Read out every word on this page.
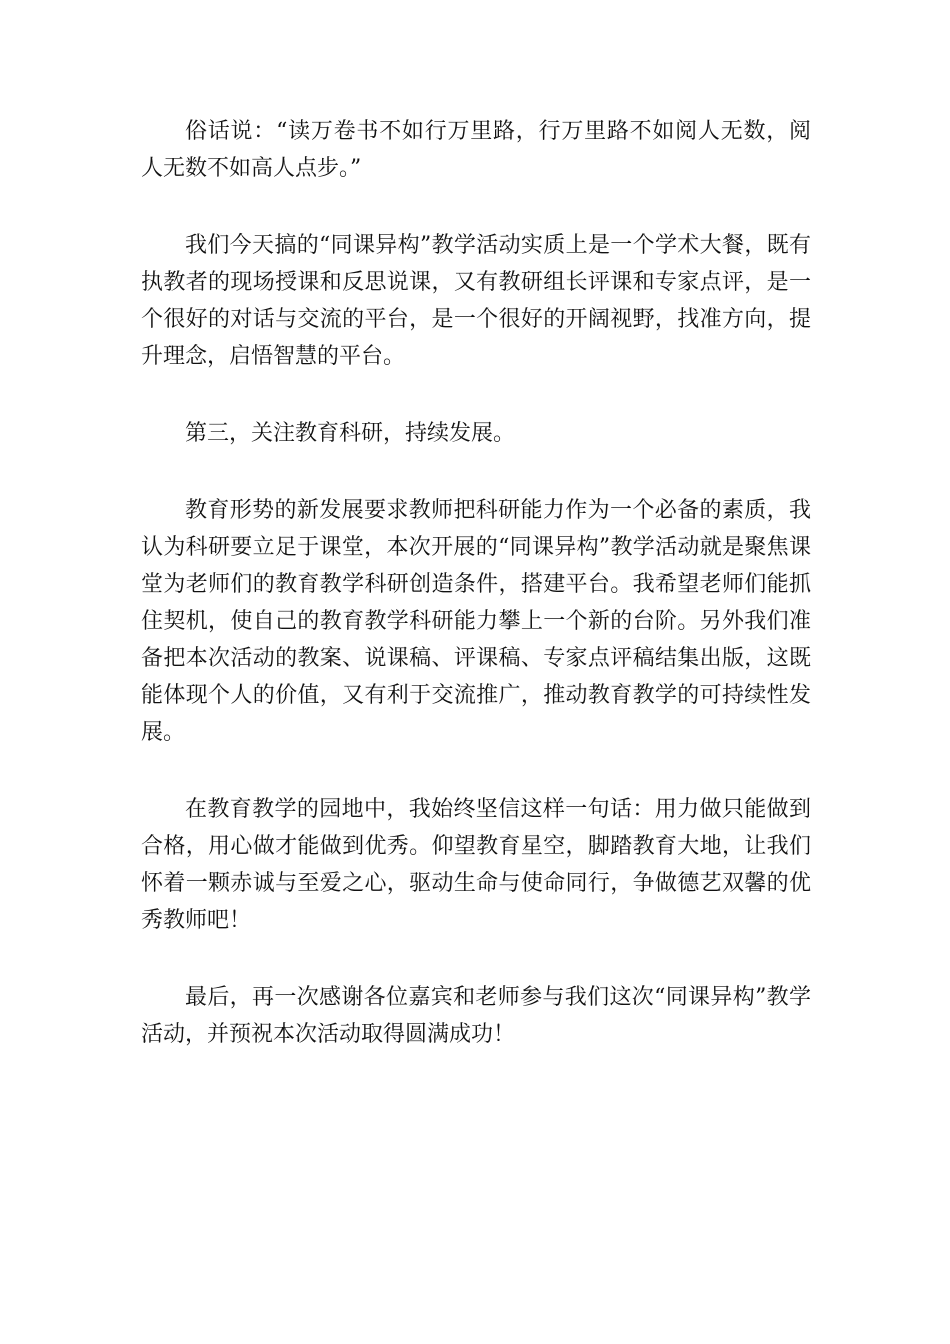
俗话说：“读万卷书不如行万里路，行万里路不如阅人无数，阅人无数不如高人点步。”

我们今天搞的“同课异构”教学活动实质上是一个学术大餐，既有执教者的现场授课和反思说课，又有教研组长评课和专家点评，是一个很好的对话与交流的平台，是一个很好的开阔视野，找准方向，提升理念，启悟智慧的平台。

第三，关注教育科研，持续发展。

教育形势的新发展要求教师把科研能力作为一个必备的素质，我认为科研要立足于课堂，本次开展的“同课异构”教学活动就是聚焦课堂为老师们的教育教学科研创造条件，搭建平台。我希望老师们能抓住契机，使自己的教育教学科研能力攀上一个新的台阶。另外我们准备把本次活动的教案、说课稿、评课稿、专家点评稿结集出版，这既能体现个人的价值，又有利于交流推广，推动教育教学的可持续性发展。

在教育教学的园地中，我始终坚信这样一句话：用力做只能做到合格，用心做才能做到优秀。仰望教育星空，脚踏教育大地，让我们怀着一颗赤诚与至爱之心，驱动生命与使命同行，争做德艺双馨的优秀教师吧！

最后，再一次感谢各位嘉宾和老师参与我们这次“同课异构”教学活动，并预祝本次活动取得圆满成功！
